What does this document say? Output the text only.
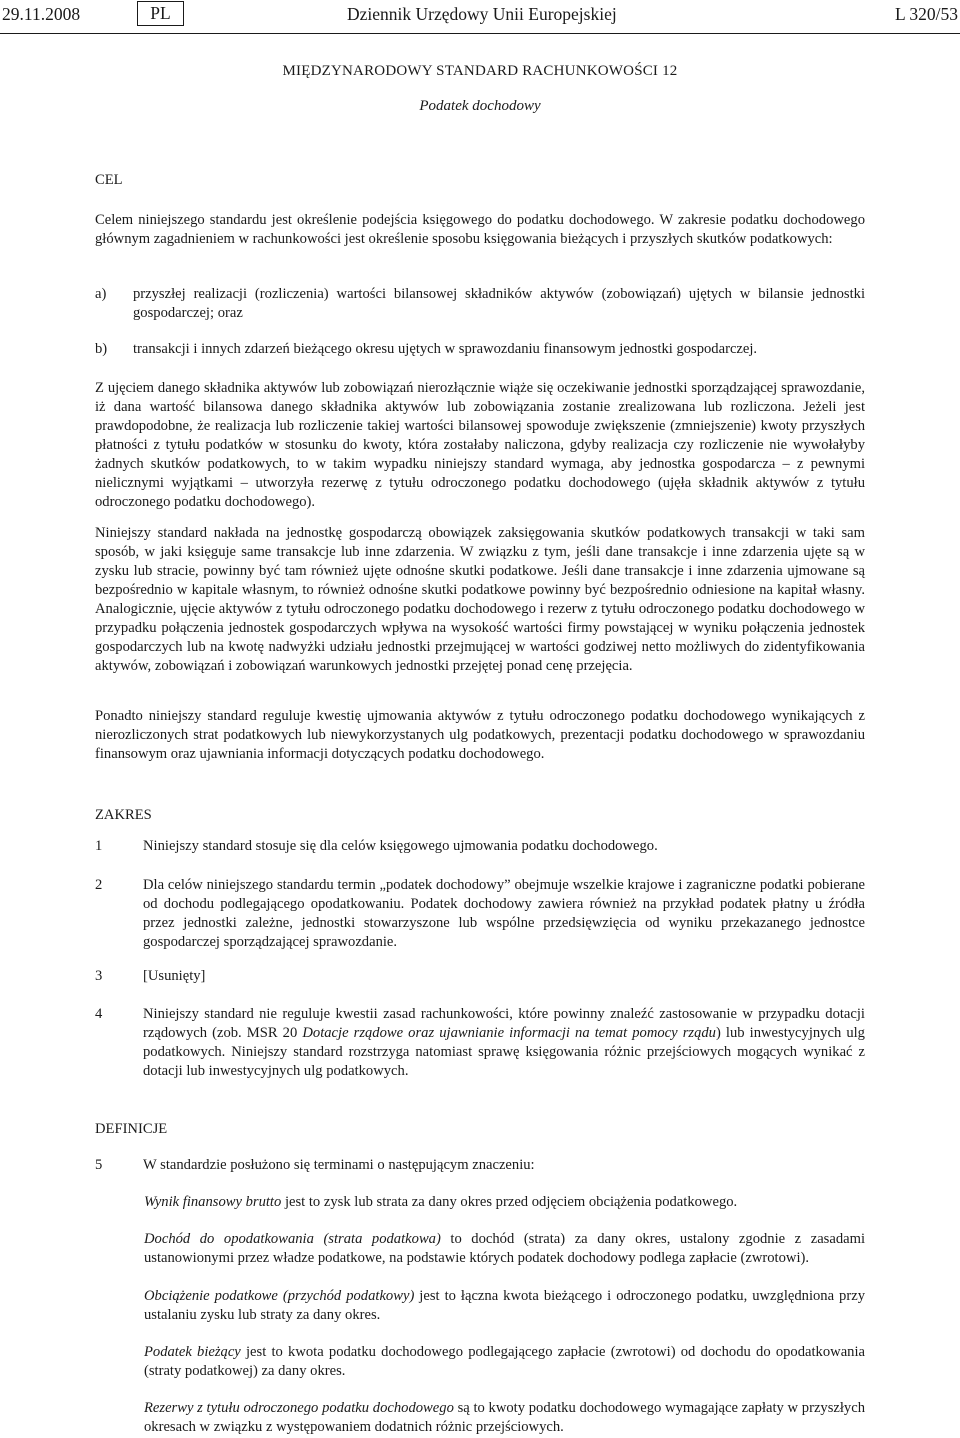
29.11.2008	PL	Dziennik Urzędowy Unii Europejskiej	L 320/53
MIĘDZYNARODOWY STANDARD RACHUNKOWOŚCI 12
Podatek dochodowy
CEL
Celem niniejszego standardu jest określenie podejścia księgowego do podatku dochodowego. W zakresie podatku dochodowego głównym zagadnieniem w rachunkowości jest określenie sposobu księgowania bieżących i przyszłych skutków podatkowych:
a) przyszłej realizacji (rozliczenia) wartości bilansowej składników aktywów (zobowiązań) ujętych w bilansie jednostki gospodarczej; oraz
b) transakcji i innych zdarzeń bieżącego okresu ujętych w sprawozdaniu finansowym jednostki gospodarczej.
Z ujęciem danego składnika aktywów lub zobowiązań nierozłącznie wiąże się oczekiwanie jednostki sporządzającej sprawozdanie, iż dana wartość bilansowa danego składnika aktywów lub zobowiązania zostanie zrealizowana lub rozliczona. Jeżeli jest prawdopodobne, że realizacja lub rozliczenie takiej wartości bilansowej spowoduje zwiększenie (zmniejszenie) kwoty przyszłych płatności z tytułu podatków w stosunku do kwoty, która zostałaby naliczona, gdyby realizacja czy rozliczenie nie wywołałyby żadnych skutków podatkowych, to w takim wypadku niniejszy standard wymaga, aby jednostka gospodarcza – z pewnymi nielicznymi wyjątkami – utworzyła rezerwę z tytułu odroczonego podatku dochodowego (ujęła składnik aktywów z tytułu odroczonego podatku dochodowego).
Niniejszy standard nakłada na jednostkę gospodarczą obowiązek zaksięgowania skutków podatkowych transakcji w taki sam sposób, w jaki księguje same transakcje lub inne zdarzenia. W związku z tym, jeśli dane transakcje i inne zdarzenia ujęte są w zysku lub stracie, powinny być tam również ujęte odnośne skutki podatkowe. Jeśli dane transakcje i inne zdarzenia ujmowane są bezpośrednio w kapitale własnym, to również odnośne skutki podatkowe powinny być bezpośrednio odniesione na kapitał własny. Analogicznie, ujęcie aktywów z tytułu odroczonego podatku dochodowego i rezerw z tytułu odroczonego podatku dochodowego w przypadku połączenia jednostek gospodarczych wpływa na wysokość wartości firmy powstającej w wyniku połączenia jednostek gospodarczych lub na kwotę nadwyżki udziału jednostki przejmującej w wartości godziwej netto możliwych do zidentyfikowania aktywów, zobowiązań i zobowiązań warunkowych jednostki przejętej ponad cenę przejęcia.
Ponadto niniejszy standard reguluje kwestię ujmowania aktywów z tytułu odroczonego podatku dochodowego wynikających z nierozliczonych strat podatkowych lub niewykorzystanych ulg podatkowych, prezentacji podatku dochodowego w sprawozdaniu finansowym oraz ujawniania informacji dotyczących podatku dochodowego.
ZAKRES
1	Niniejszy standard stosuje się dla celów księgowego ujmowania podatku dochodowego.
2	Dla celów niniejszego standardu termin „podatek dochodowy” obejmuje wszelkie krajowe i zagraniczne podatki pobierane od dochodu podlegającego opodatkowaniu. Podatek dochodowy zawiera również na przykład podatek płatny u źródła przez jednostki zależne, jednostki stowarzyszone lub wspólne przedsięwzięcia od wyniku przekazanego jednostce gospodarczej sporządzającej sprawozdanie.
3	[Usunięty]
4	Niniejszy standard nie reguluje kwestii zasad rachunkowości, które powinny znaleźć zastosowanie w przypadku dotacji rządowych (zob. MSR 20 Dotacje rządowe oraz ujawnianie informacji na temat pomocy rządu) lub inwestycyjnych ulg podatkowych. Niniejszy standard rozstrzyga natomiast sprawę księgowania różnic przejściowych mogących wynikać z dotacji lub inwestycyjnych ulg podatkowych.
DEFINICJE
5	W standardzie posłużono się terminami o następującym znaczeniu:
Wynik finansowy brutto jest to zysk lub strata za dany okres przed odjęciem obciążenia podatkowego.
Dochód do opodatkowania (strata podatkowa) to dochód (strata) za dany okres, ustalony zgodnie z zasadami ustanowionymi przez władze podatkowe, na podstawie których podatek dochodowy podlega zapłacie (zwrotowi).
Obciążenie podatkowe (przychód podatkowy) jest to łączna kwota bieżącego i odroczonego podatku, uwzględniona przy ustalaniu zysku lub straty za dany okres.
Podatek bieżący jest to kwota podatku dochodowego podlegającego zapłacie (zwrotowi) od dochodu do opodatkowania (straty podatkowej) za dany okres.
Rezerwy z tytułu odroczonego podatku dochodowego są to kwoty podatku dochodowego wymagające zapłaty w przyszłych okresach w związku z występowaniem dodatnich różnic przejściowych.
